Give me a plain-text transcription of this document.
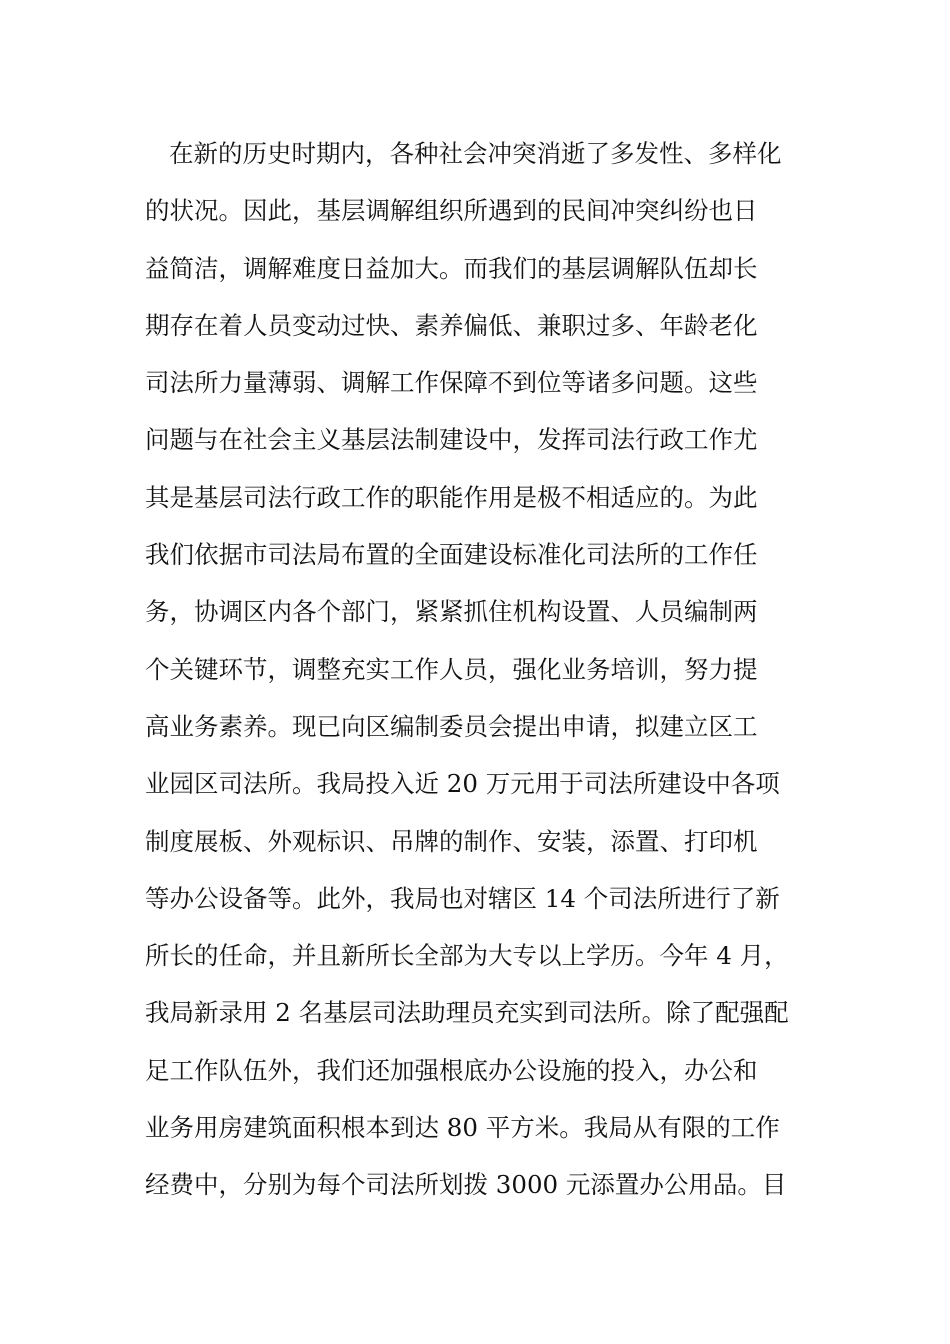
在新的历史时期内，各种社会冲突消逝了多发性、多样化
的状况。因此，基层调解组织所遇到的民间冲突纠纷也日
益简洁，调解难度日益加大。而我们的基层调解队伍却长
期存在着人员变动过快、素养偏低、兼职过多、年龄老化
司法所力量薄弱、调解工作保障不到位等诸多问题。这些
问题与在社会主义基层法制建设中，发挥司法行政工作尤
其是基层司法行政工作的职能作用是极不相适应的。为此
我们依据市司法局布置的全面建设标准化司法所的工作任
务，协调区内各个部门，紧紧抓住机构设置、人员编制两
个关键环节，调整充实工作人员，强化业务培训，努力提
高业务素养。现已向区编制委员会提出申请，拟建立区工
业园区司法所。我局投入近 20 万元用于司法所建设中各项
制度展板、外观标识、吊牌的制作、安装，添置、打印机
等办公设备等。此外，我局也对辖区 14 个司法所进行了新
所长的任命，并且新所长全部为大专以上学历。今年 4 月，
我局新录用 2 名基层司法助理员充实到司法所。除了配强配
足工作队伍外，我们还加强根底办公设施的投入，办公和
业务用房建筑面积根本到达 80 平方米。我局从有限的工作
经费中，分别为每个司法所划拨 3000 元添置办公用品。目
